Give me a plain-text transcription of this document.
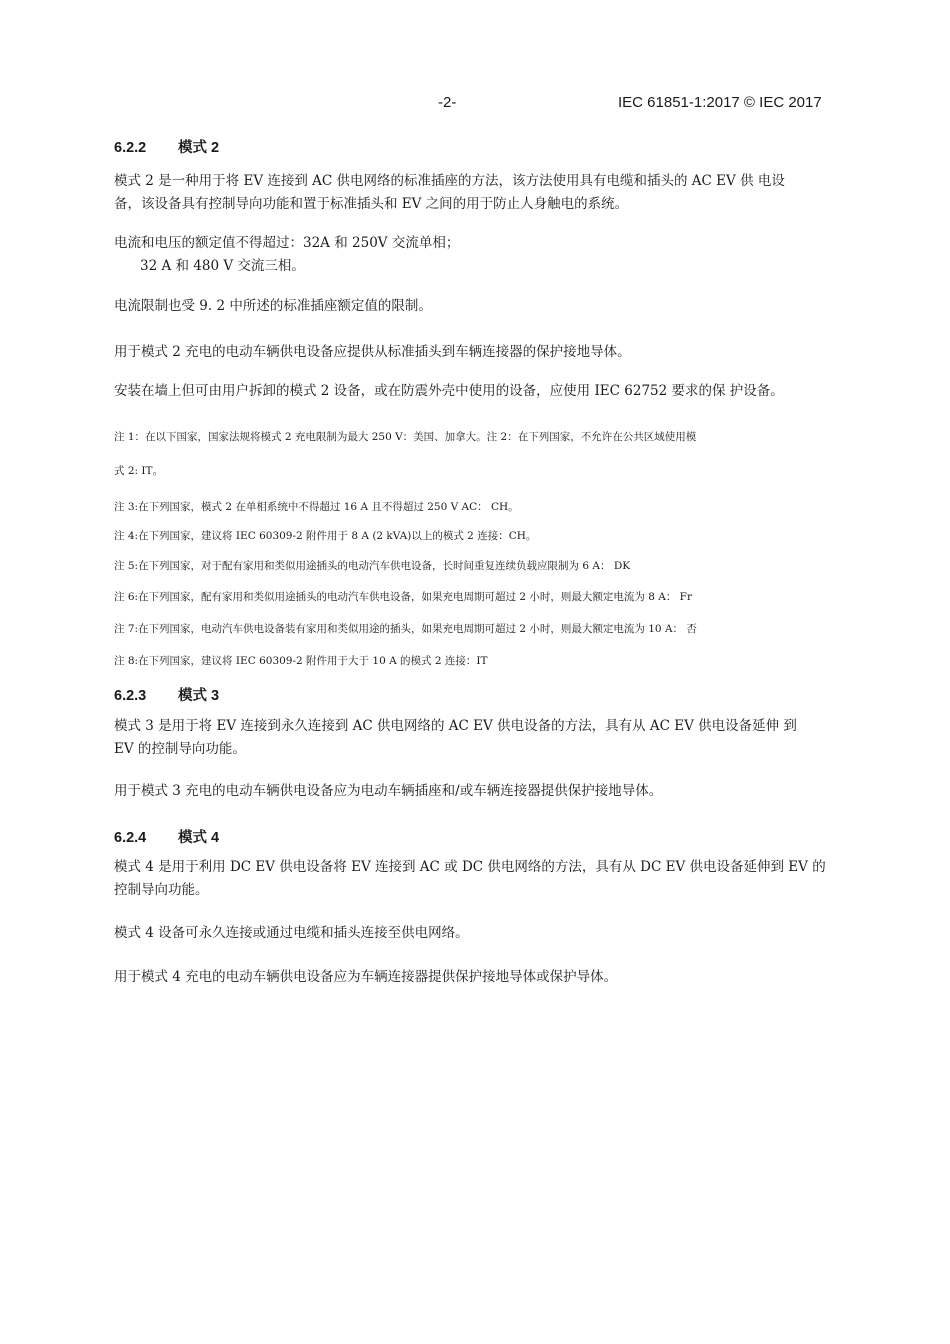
-2-	IEC 61851-1:2017 © IEC 2017
6.2.2 模式 2
模式 2 是一种用于将 EV 连接到 AC 供电网络的标准插座的方法，该方法使用具有电缆和插头的 AC EV 供 电设
备，该设备具有控制导向功能和置于标准插头和 EV 之间的用于防止人身触电的系统。
电流和电压的额定值不得超过：32A 和 250V 交流单相；
32 A 和 480 V 交流三相。
电流限制也受 9. 2 中所述的标准插座额定值的限制。
用于模式 2 充电的电动车辆供电设备应提供从标准插头到车辆连接器的保护接地导体。
安装在墙上但可由用户拆卸的模式 2 设备，或在防震外壳中使用的设备，应使用 IEC 62752 要求的保 护设备。
注 1：在以下国家，国家法规将模式 2 充电限制为最大 250 V：美国、加拿大。注 2：在下列国家，不允许在公共区域使用模
式 2: IT。
注 3:在下列国家，模式 2 在单相系统中不得超过 16 A 且不得超过 250 V AC： CH。
注 4:在下列国家，建议将 IEC 60309-2 附件用于 8 A (2 kVA)以上的模式 2 连接：CH。
注 5:在下列国家，对于配有家用和类似用途插头的电动汽车供电设备，长时间重复连续负载应限制为 6 A： DK
注 6:在下列国家，配有家用和类似用途插头的电动汽车供电设备，如果充电周期可超过 2 小时，则最大额定电流为 8 A： Fr
注 7:在下列国家，电动汽车供电设备装有家用和类似用途的插头，如果充电周期可超过 2 小时，则最大额定电流为 10 A： 否
注 8:在下列国家，建议将 IEC 60309-2 附件用于大于 10 A 的模式 2 连接：IT
6.2.3 模式 3
模式 3 是用于将 EV 连接到永久连接到 AC 供电网络的 AC EV 供电设备的方法，具有从 AC EV 供电设备延伸 到
EV 的控制导向功能。
用于模式 3 充电的电动车辆供电设备应为电动车辆插座和/或车辆连接器提供保护接地导体。
6.2.4 模式 4
模式 4 是用于利用 DC EV 供电设备将 EV 连接到 AC 或 DC 供电网络的方法，具有从 DC EV 供电设备延伸到 EV 的
控制导向功能。
模式 4 设备可永久连接或通过电缆和插头连接至供电网络。
用于模式 4 充电的电动车辆供电设备应为车辆连接器提供保护接地导体或保护导体。
